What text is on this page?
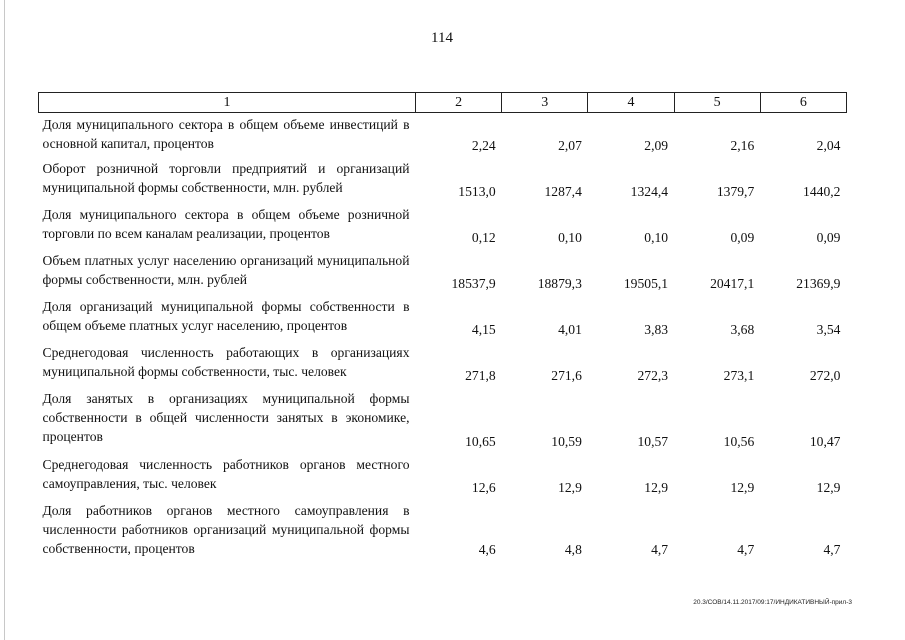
114
1	2	3	4	5	6
Доля муниципального сектора в общем объеме инвестиций в основной капитал, процентов	2,24	2,07	2,09	2,16	2,04
Оборот розничной торговли предприятий и организаций муниципальной формы собственности, млн. рублей	1513,0	1287,4	1324,4	1379,7	1440,2
Доля муниципального сектора в общем объеме розничной торговли по всем каналам реализации, процентов	0,12	0,10	0,10	0,09	0,09
Объем платных услуг населению организаций муниципальной формы собственности, млн. рублей	18537,9	18879,3	19505,1	20417,1	21369,9
Доля организаций муниципальной формы собственности в общем объеме платных услуг населению, процентов	4,15	4,01	3,83	3,68	3,54
Среднегодовая численность работающих в организациях муниципальной формы собственности, тыс. человек	271,8	271,6	272,3	273,1	272,0
Доля занятых в организациях муниципальной формы собственности в общей численности занятых в экономике, процентов	10,65	10,59	10,57	10,56	10,47
Среднегодовая численность работников органов местного самоуправления, тыс. человек	12,6	12,9	12,9	12,9	12,9
Доля работников органов местного самоуправления в численности работников организаций муниципальной формы собственности, процентов	4,6	4,8	4,7	4,7	4,7
20.3/СОВ/14.11.2017/09:17/ИНДИКАТИВНЫЙ-прил-3
